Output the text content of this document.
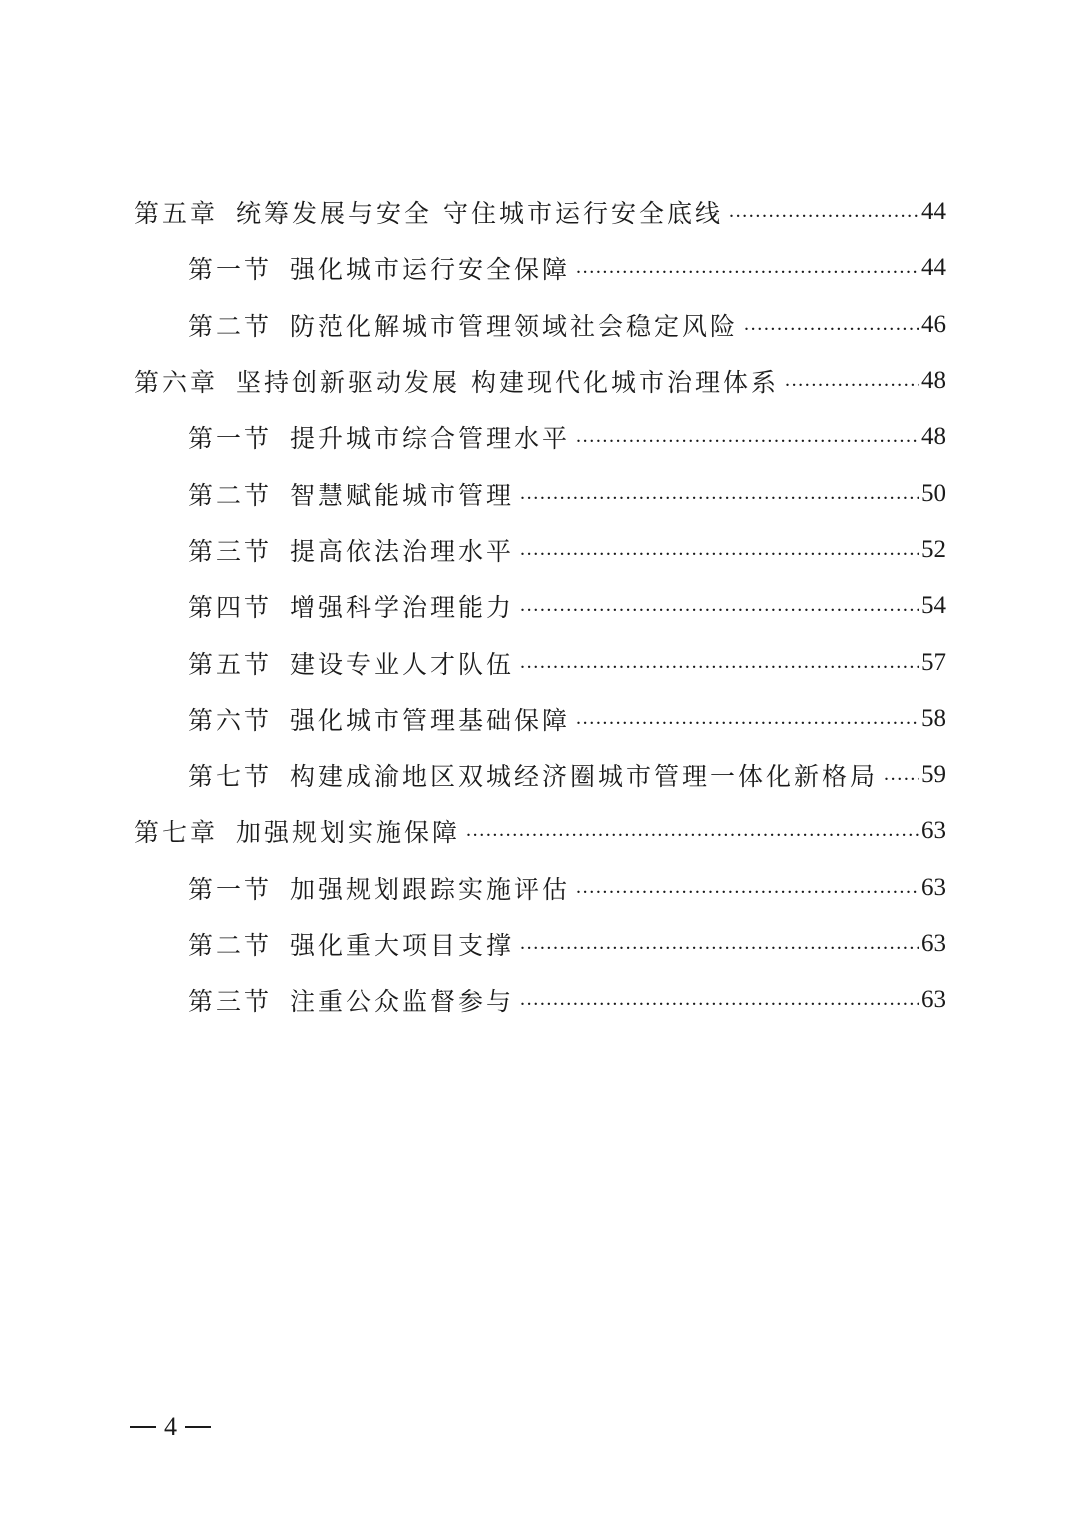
第五章 统筹发展与安全 守住城市运行安全底线 .....	44
第一节 强化城市运行安全保障 .....	44
第二节 防范化解城市管理领域社会稳定风险 .....	46
第六章 坚持创新驱动发展 构建现代化城市治理体系 .....	48
第一节 提升城市综合管理水平 .....	48
第二节 智慧赋能城市管理 .....	50
第三节 提高依法治理水平 .....	52
第四节 增强科学治理能力 .....	54
第五节 建设专业人才队伍 .....	57
第六节 强化城市管理基础保障 .....	58
第七节 构建成渝地区双城经济圈城市管理一体化新格局 ..... 59
第七章 加强规划实施保障 .....	63
第一节 加强规划跟踪实施评估 .....	63
第二节 强化重大项目支撑 .....	63
第三节 注重公众监督参与 .....	63
4
